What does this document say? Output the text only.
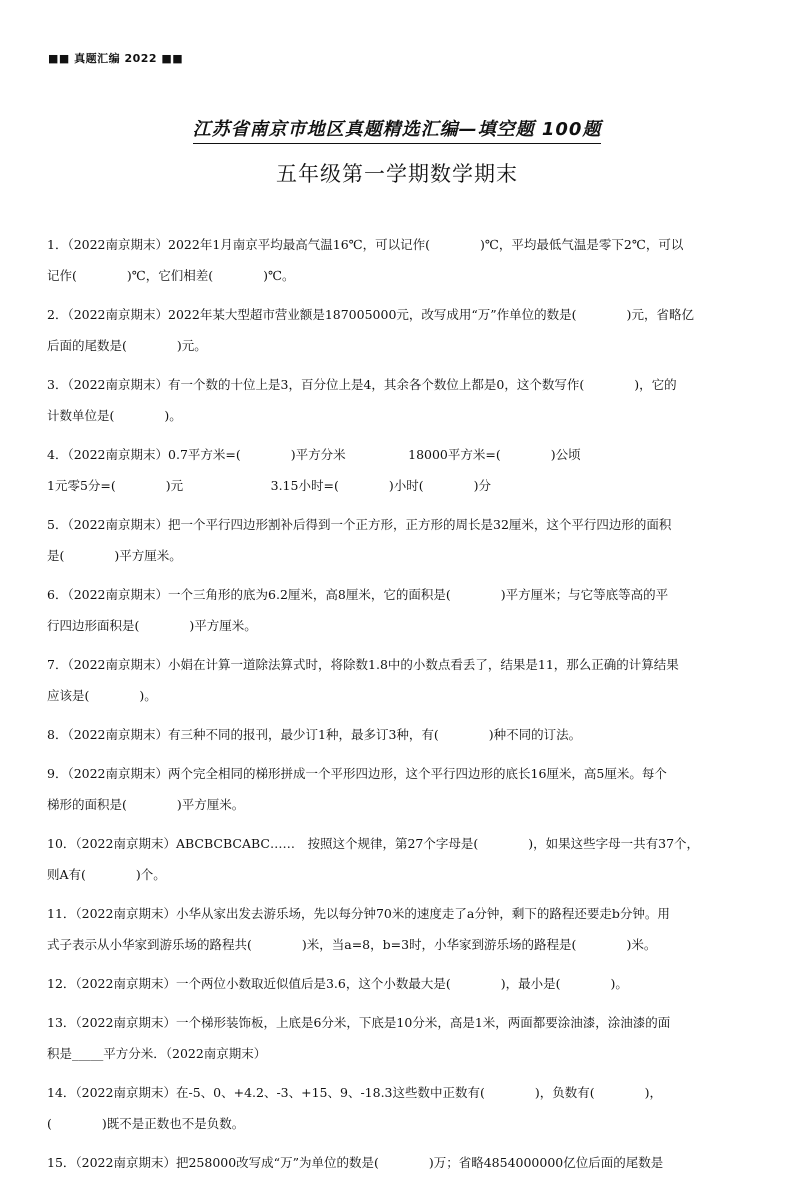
■■ 真题汇编 2022 ■■
江苏省南京市地区真题精选汇编—填空题 100题
五年级第一学期数学期末
1．（2022南京期末）2022年1月南京平均最高气温16℃，可以记作(　　　　)℃，平均最低气温是零下2℃，可以
记作(　　　　)℃，它们相差(　　　　)℃。
2．（2022南京期末）2022年某大型超市营业额是187005000元，改写成用“万”作单位的数是(　　　　)元，省略亿
后面的尾数是(　　　　)元。
3．（2022南京期末）有一个数的十位上是3，百分位上是4，其余各个数位上都是0，这个数写作(　　　　)，它的
计数单位是(　　　　)。
4．（2022南京期末）0.7平方米=(　　　　)平方分米　　　　　18000平方米=(　　　　)公顷
1元零5分=(　　　　)元　　　　　　　3.15小时=(　　　　)小时(　　　　)分
5．（2022南京期末）把一个平行四边形割补后得到一个正方形，正方形的周长是32厘米，这个平行四边形的面积
是(　　　　)平方厘米。
6．（2022南京期末）一个三角形的底为6.2厘米，高8厘米，它的面积是(　　　　)平方厘米；与它等底等高的平
行四边形面积是(　　　　)平方厘米。
7．（2022南京期末）小娟在计算一道除法算式时，将除数1.8中的小数点看丢了，结果是11，那么正确的计算结果
应该是(　　　　)。
8．（2022南京期末）有三种不同的报刊，最少订1种，最多订3种，有(　　　　)种不同的订法。
9．（2022南京期末）两个完全相同的梯形拼成一个平形四边形，这个平行四边形的底长16厘米，高5厘米。每个
梯形的面积是(　　　　)平方厘米。
10．（2022南京期末）ABCBCBCABC……　按照这个规律，第27个字母是(　　　　)，如果这些字母一共有37个，
则A有(　　　　)个。
11．（2022南京期末）小华从家出发去游乐场，先以每分钟70米的速度走了a分钟，剩下的路程还要走b分钟。用
式子表示从小华家到游乐场的路程共(　　　　)米，当a=8，b=3时，小华家到游乐场的路程是(　　　　)米。
12．（2022南京期末）一个两位小数取近似值后是3.6，这个小数最大是(　　　　)，最小是(　　　　)。
13．（2022南京期末）一个梯形装饰板，上底是6分米，下底是10分米，高是1米，两面都要涂油漆，涂油漆的面
积是_____平方分米．（2022南京期末）
14．（2022南京期末）在-5、0、+4.2、-3、+15、9、-18.3这些数中正数有(　　　　)，负数有(　　　　)，
(　　　　)既不是正数也不是负数。
15．（2022南京期末）把258000改写成“万”为单位的数是(　　　　)万；省略4854000000亿位后面的尾数是
